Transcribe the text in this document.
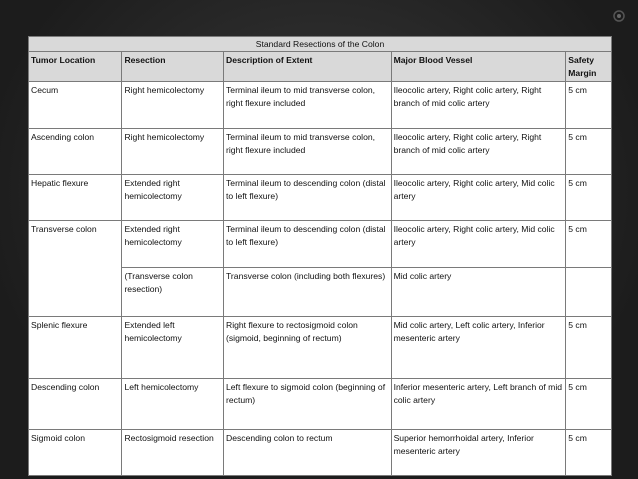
Standard Resections of the Colon				
Tumor Location	Resection	Description of Extent	Major Blood Vessel	Safety Margin
Cecum	Right hemicolectomy	Terminal ileum to mid transverse colon, right flexure included	Ileocolic artery, Right colic artery, Right branch of mid colic artery	5 cm
Ascending colon	Right hemicolectomy	Terminal ileum to mid transverse colon, right flexure included	Ileocolic artery, Right colic artery, Right branch of mid colic artery	5 cm
Hepatic flexure	Extended right hemicolectomy	Terminal ileum to descending colon (distal to left flexure)	Ileocolic artery, Right colic artery, Mid colic artery	5 cm
Transverse colon	Extended right hemicolectomy	Terminal ileum to descending colon (distal to left flexure)	Ileocolic artery, Right colic artery, Mid colic artery	5 cm
	(Transverse colon resection)	Transverse colon (including both flexures)	Mid colic artery	
Splenic flexure	Extended left hemicolectomy	Right flexure to rectosigmoid colon (sigmoid, beginning of rectum)	Mid colic artery, Left colic artery, Inferior mesenteric artery	5 cm
Descending colon	Left hemicolectomy	Left flexure to sigmoid colon (beginning of rectum)	Inferior mesenteric artery, Left branch of mid colic artery	5 cm
Sigmoid colon	Rectosigmoid resection	Descending colon to rectum	Superior hemorrhoidal artery, Inferior mesenteric artery	5 cm
